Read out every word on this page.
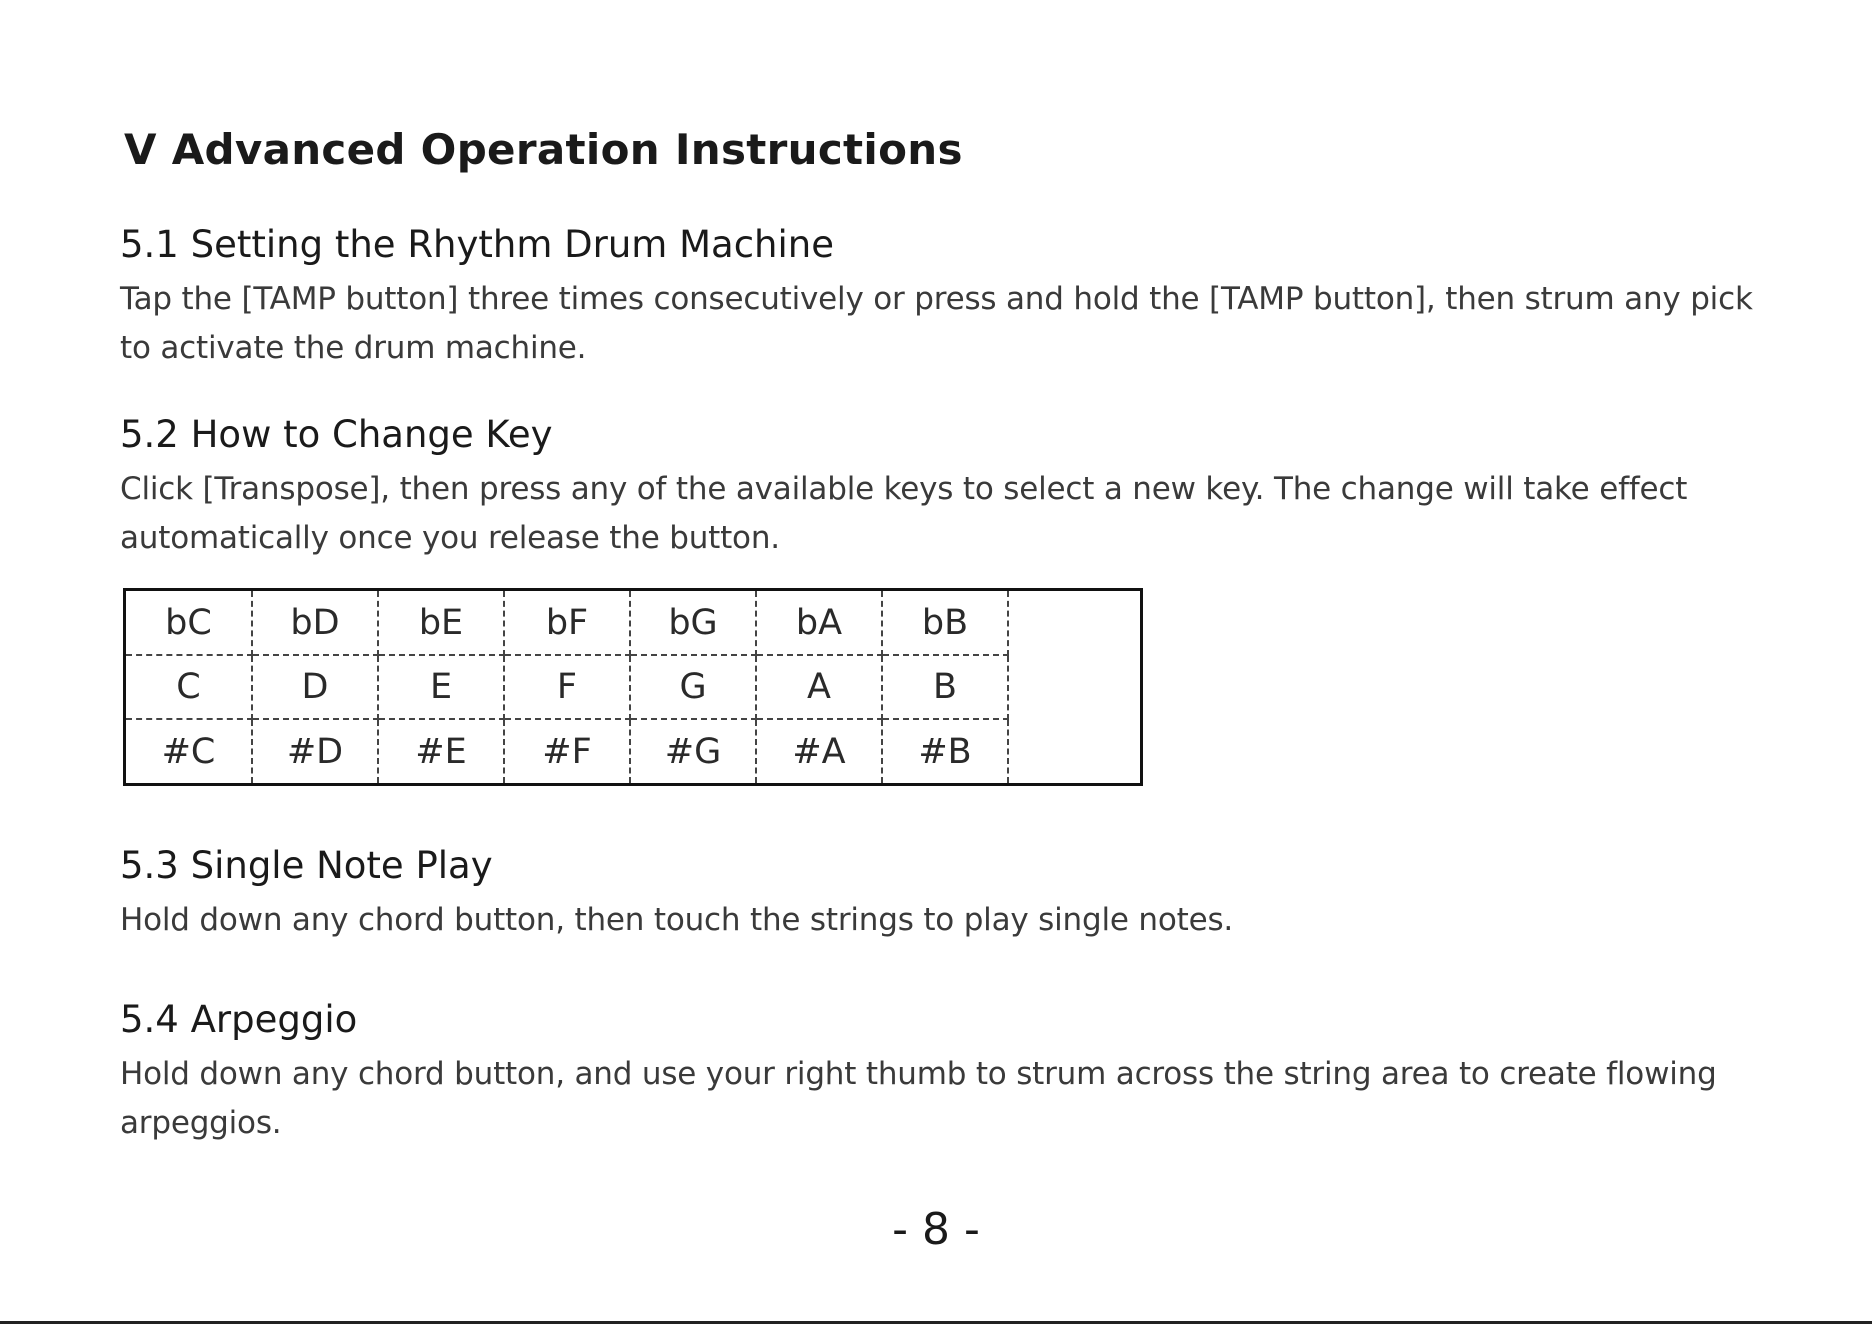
V Advanced Operation Instructions
5.1 Setting the Rhythm Drum Machine

Tap the [TAMP button] three times consecutively or press and hold the [TAMP button], then strum any pick to activate the drum machine.

5.2 How to Change Key

Click [Transpose], then press any of the available keys to select a new key. The change will take effect automatically once you release the button.

bC	bD	bE	bF	bG	bA	bB
C	D	E	F	G	A	B
#C	#D	#E	#F	#G	#A	#B
5.3 Single Note Play

Hold down any chord button, then touch the strings to play single notes.

5.4 Arpeggio

Hold down any chord button, and use your right thumb to strum across the string area to create flowing arpeggios.

- 8 -
